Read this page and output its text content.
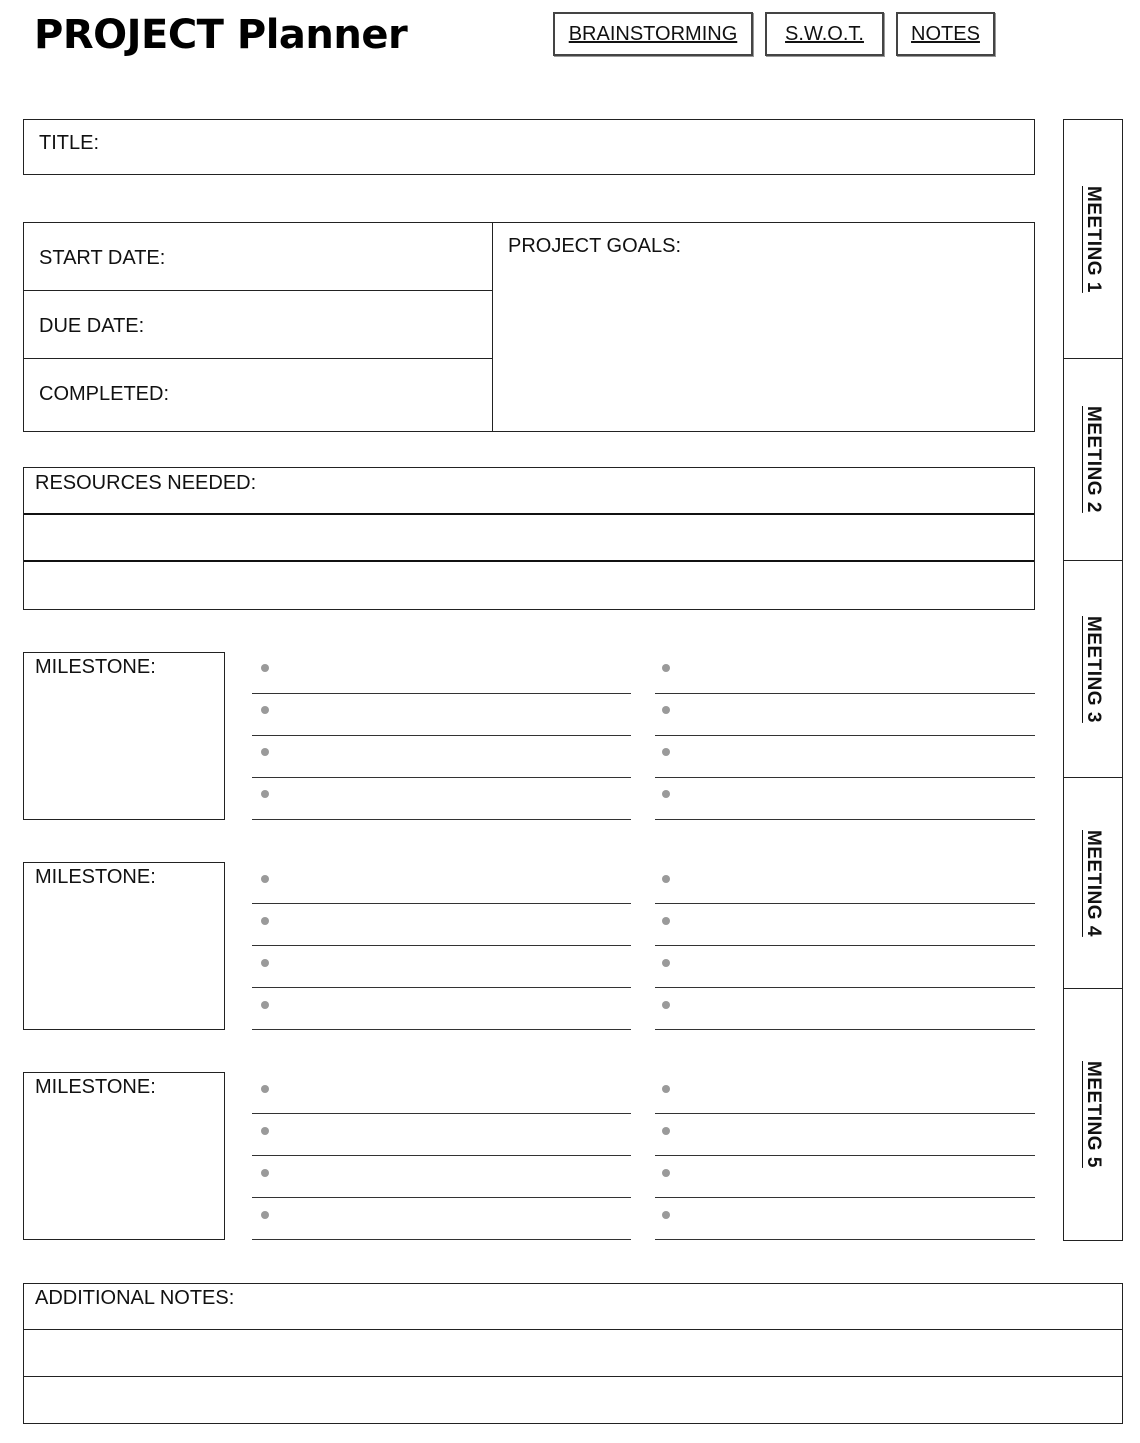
PROJECT Planner	BRAINSTORMING	S.W.O.T.	NOTES
TITLE:
START DATE:
DUE DATE:
COMPLETED:
PROJECT GOALS:
RESOURCES NEEDED:
MILESTONE:
MILESTONE:
MILESTONE:
MEETING 1
MEETING 2
MEETING 3
MEETING 4
MEETING 5
ADDITIONAL NOTES:
